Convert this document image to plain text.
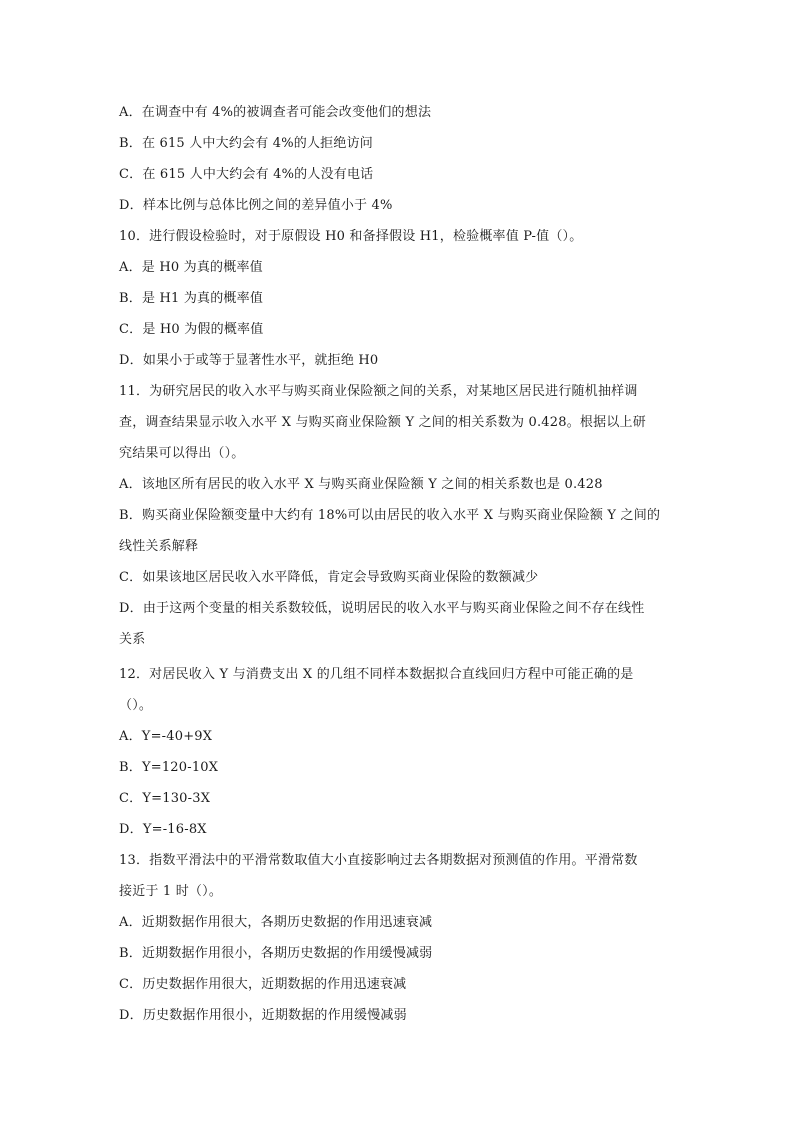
A．在调查中有 4%的被调查者可能会改变他们的想法
B．在 615 人中大约会有 4%的人拒绝访问
C．在 615 人中大约会有 4%的人没有电话
D．样本比例与总体比例之间的差异值小于 4%
10．进行假设检验时，对于原假设 H0 和备择假设 H1，检验概率值 P-值（）。
A．是 H0 为真的概率值
B．是 H1 为真的概率值
C．是 H0 为假的概率值
D．如果小于或等于显著性水平，就拒绝 H0
11．为研究居民的收入水平与购买商业保险额之间的关系，对某地区居民进行随机抽样调
查，调查结果显示收入水平 X 与购买商业保险额 Y 之间的相关系数为 0.428。根据以上研
究结果可以得出（）。
A．该地区所有居民的收入水平 X 与购买商业保险额 Y 之间的相关系数也是 0.428
B．购买商业保险额变量中大约有 18%可以由居民的收入水平 X 与购买商业保险额 Y 之间的
线性关系解释
C．如果该地区居民收入水平降低，肯定会导致购买商业保险的数额减少
D．由于这两个变量的相关系数较低，说明居民的收入水平与购买商业保险之间不存在线性
关系
12．对居民收入 Y 与消费支出 X 的几组不同样本数据拟合直线回归方程中可能正确的是
（）。
A．Y=-40+9X
B．Y=120-10X
C．Y=130-3X
D．Y=-16-8X
13．指数平滑法中的平滑常数取值大小直接影响过去各期数据对预测值的作用。平滑常数
接近于 1 时（）。
A．近期数据作用很大，各期历史数据的作用迅速衰减
B．近期数据作用很小，各期历史数据的作用缓慢减弱
C．历史数据作用很大，近期数据的作用迅速衰减
D．历史数据作用很小，近期数据的作用缓慢减弱
